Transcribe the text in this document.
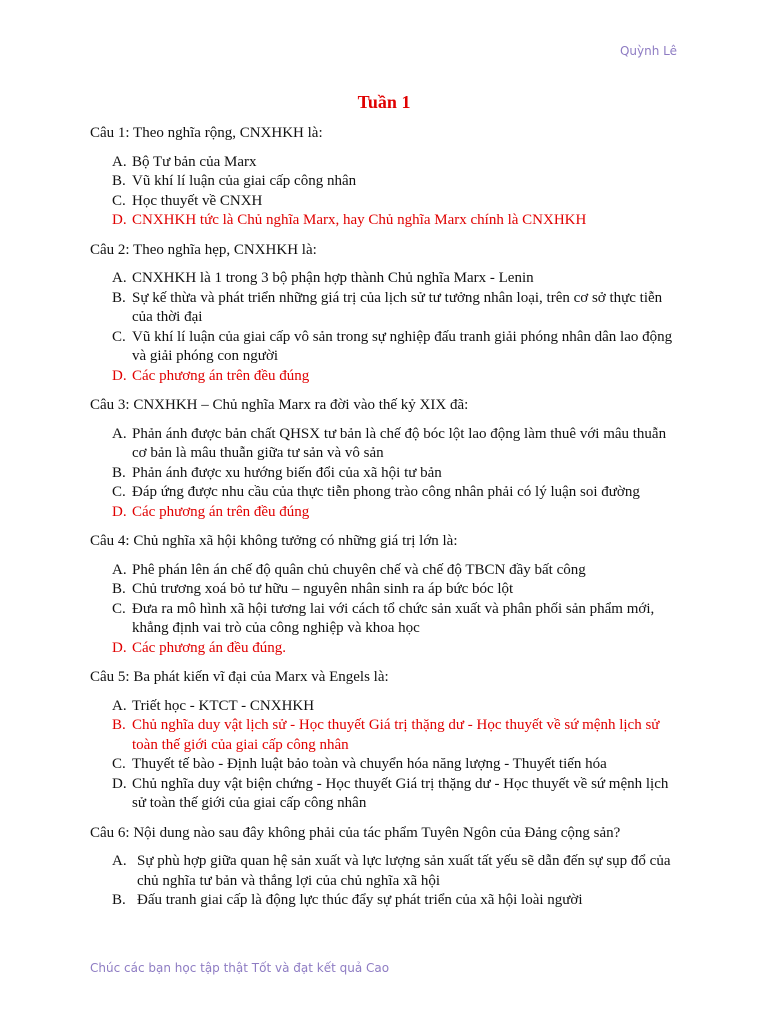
Quỳnh Lê
Tuần 1

Câu 1: Theo nghĩa rộng, CNXHKH là:

A. Bộ Tư bản của Marx
B. Vũ khí lí luận của giai cấp công nhân
C. Học thuyết về CNXH
D. CNXHKH tức là Chủ nghĩa Marx, hay Chủ nghĩa Marx chính là CNXHKH

Câu 2: Theo nghĩa hẹp, CNXHKH là:

A. CNXHKH là 1 trong 3 bộ phận hợp thành Chủ nghĩa Marx - Lenin
B. Sự kế thừa và phát triển những giá trị của lịch sử tư tưởng nhân loại, trên cơ sở thực tiễn của thời đại
C. Vũ khí lí luận của giai cấp vô sản trong sự nghiệp đấu tranh giải phóng nhân dân lao động và giải phóng con người
D. Các phương án trên đều đúng

Câu 3: CNXHKH – Chủ nghĩa Marx ra đời vào thế kỷ XIX đã:

A. Phản ánh được bản chất QHSX tư bản là chế độ bóc lột lao động làm thuê với mâu thuẫn cơ bản là mâu thuẫn giữa tư sản và vô sản
B. Phản ánh được xu hướng biến đổi của xã hội tư bản
C. Đáp ứng được nhu cầu của thực tiễn phong trào công nhân phải có lý luận soi đường
D. Các phương án trên đều đúng

Câu 4: Chủ nghĩa xã hội không tưởng có những giá trị lớn là:

A. Phê phán lên án chế độ quân chủ chuyên chế và chế độ TBCN đầy bất công
B. Chủ trương xoá bỏ tư hữu – nguyên nhân sinh ra áp bức bóc lột
C. Đưa ra mô hình xã hội tương lai với cách tổ chức sản xuất và phân phối sản phẩm mới, khẳng định vai trò của công nghiệp và khoa học
D. Các phương án đều đúng.

Câu 5: Ba phát kiến vĩ đại của Marx và Engels là:

A. Triết học - KTCT - CNXHKH
B. Chủ nghĩa duy vật lịch sử - Học thuyết Giá trị thặng dư - Học thuyết về sứ mệnh lịch sử toàn thế giới của giai cấp công nhân
C. Thuyết tế bào - Định luật bảo toàn và chuyển hóa năng lượng - Thuyết tiến hóa
D. Chủ nghĩa duy vật biện chứng - Học thuyết Giá trị thặng dư - Học thuyết về sứ mệnh lịch sử toàn thế giới của giai cấp công nhân

Câu 6: Nội dung nào sau đây không phải của tác phẩm Tuyên Ngôn của Đảng cộng sản?

A. Sự phù hợp giữa quan hệ sản xuất và lực lượng sản xuất tất yếu sẽ dẫn đến sự sụp đổ của chủ nghĩa tư bản và thắng lợi của chủ nghĩa xã hội
B. Đấu tranh giai cấp là động lực thúc đẩy sự phát triển của xã hội loài người
Chúc các bạn học tập thật Tốt và đạt kết quả Cao
